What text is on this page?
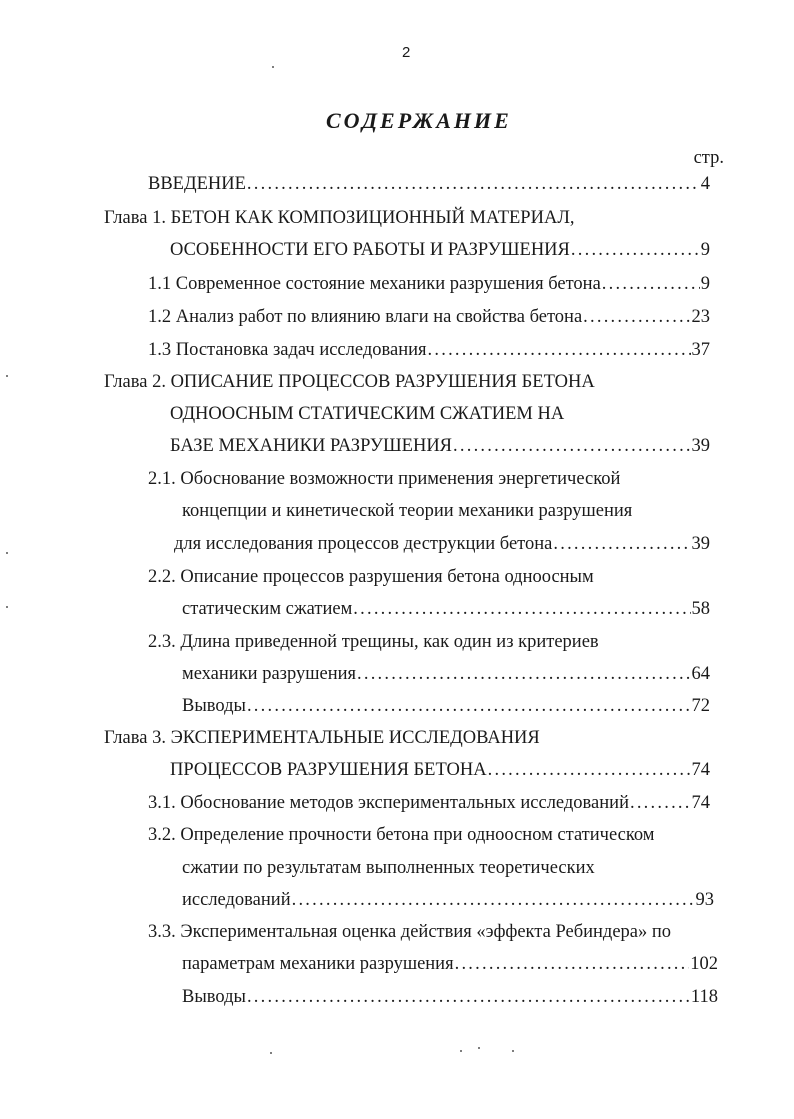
2
СОДЕРЖАНИЕ
стр.
ВВЕДЕНИЕ . . .	4
Глава 1. БЕТОН КАК КОМПОЗИЦИОННЫЙ МАТЕРИАЛ,
ОСОБЕННОСТИ ЕГО РАБОТЫ И РАЗРУШЕНИЯ . . .	9
1.1 Современное состояние механики разрушения бетона . . .	9
1.2 Анализ работ по влиянию влаги на свойства бетона . . .	23
1.3 Постановка задач исследования . . .	37
Глава 2. ОПИСАНИЕ ПРОЦЕССОВ РАЗРУШЕНИЯ БЕТОНА
ОДНООСНЫМ СТАТИЧЕСКИМ СЖАТИЕМ НА
БАЗЕ МЕХАНИКИ РАЗРУШЕНИЯ . . .	39
2.1. Обоснование возможности применения энергетической
концепции и кинетической теории механики разрушения
для исследования процессов деструкции бетона . . .	39
2.2. Описание процессов разрушения бетона одноосным
статическим сжатием . . .	58
2.3. Длина приведенной трещины, как один из критериев
механики разрушения . . .	64
Выводы . . .	72
Глава 3. ЭКСПЕРИМЕНТАЛЬНЫЕ ИССЛЕДОВАНИЯ
ПРОЦЕССОВ РАЗРУШЕНИЯ БЕТОНА . . .	74
3.1. Обоснование методов экспериментальных исследований . . .	74
3.2. Определение прочности бетона при одноосном статическом
сжатии по результатам выполненных теоретических
исследований . . .	93
3.3. Экспериментальная оценка действия «эффекта Ребиндера» по
параметрам механики разрушения . . .	102
Выводы . . .	118
